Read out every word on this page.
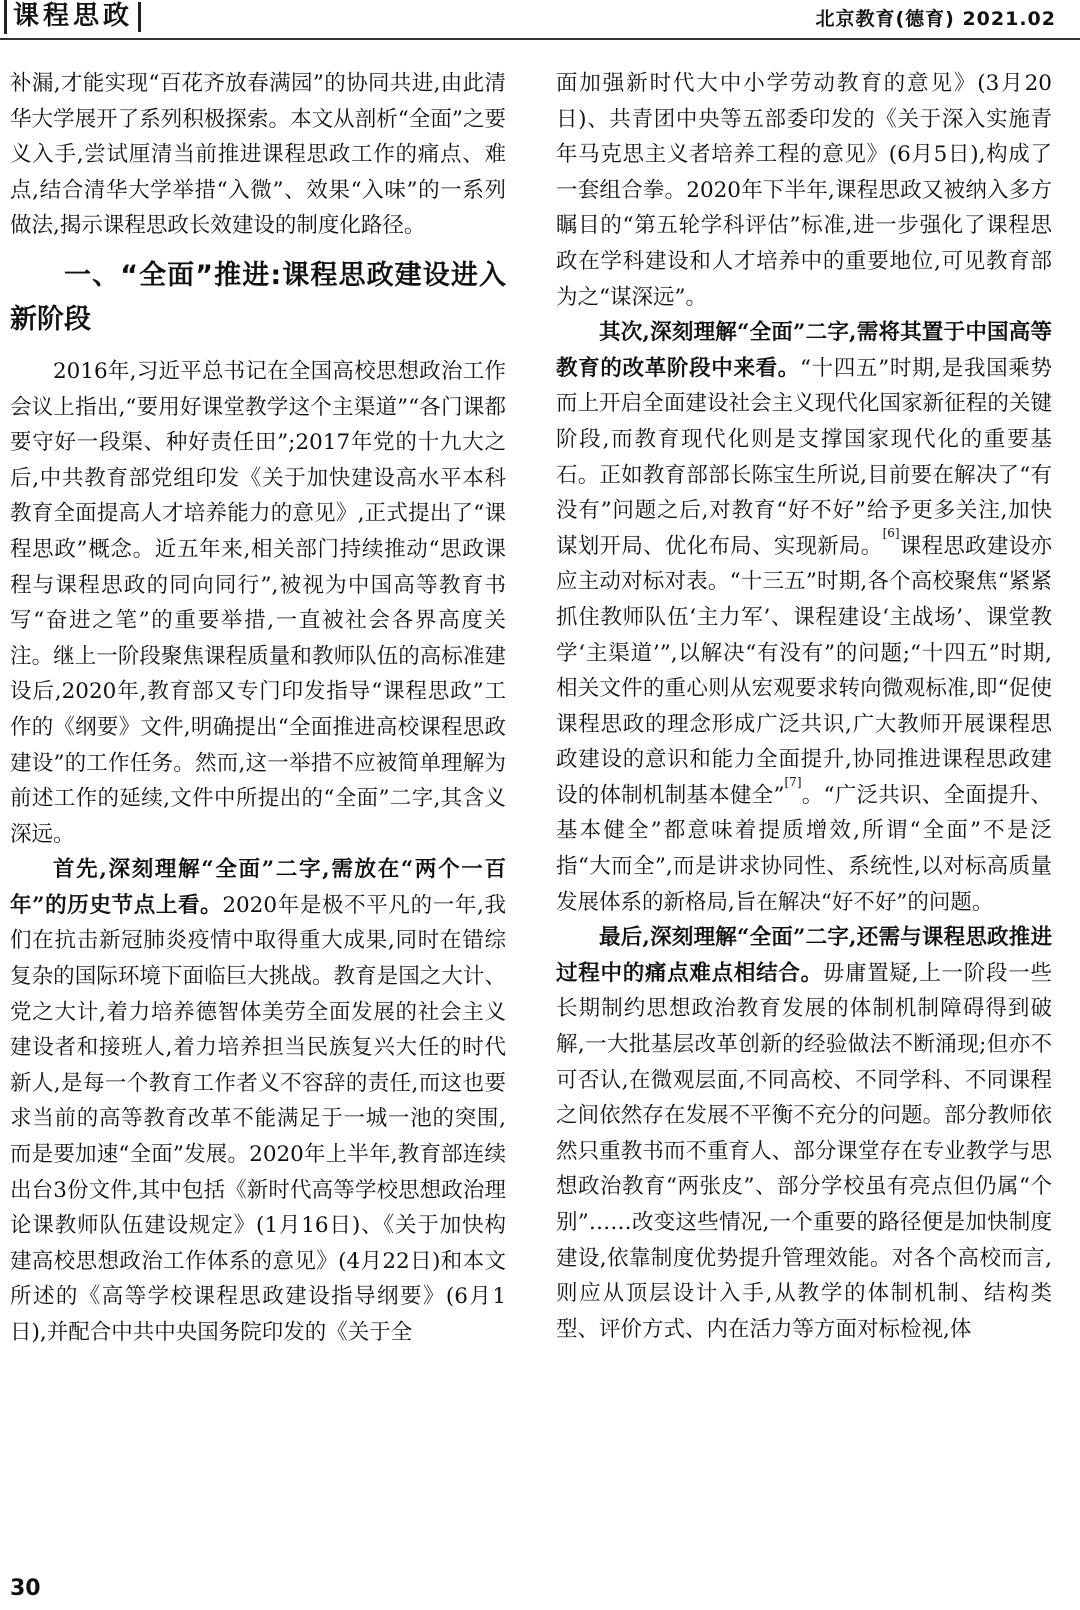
课程思政	北京教育(德育) 2021.02

补漏,才能实现“百花齐放春满园”的协同共进,由此清华大学展开了系列积极探索。本文从剖析“全面”之要义入手,尝试厘清当前推进课程思政工作的痛点、难点,结合清华大学举措“入微”、效果“入味”的一系列做法,揭示课程思政长效建设的制度化路径。

一、“全面”推进:课程思政建设进入新阶段

2016年,习近平总书记在全国高校思想政治工作会议上指出,“要用好课堂教学这个主渠道”“各门课都要守好一段渠、种好责任田”;2017年党的十九大之后,中共教育部党组印发《关于加快建设高水平本科教育全面提高人才培养能力的意见》,正式提出了“课程思政”概念。近五年来,相关部门持续推动“思政课程与课程思政的同向同行”,被视为中国高等教育书写“奋进之笔”的重要举措,一直被社会各界高度关注。继上一阶段聚焦课程质量和教师队伍的高标准建设后,2020年,教育部又专门印发指导“课程思政”工作的《纲要》文件,明确提出“全面推进高校课程思政建设”的工作任务。然而,这一举措不应被简单理解为前述工作的延续,文件中所提出的“全面”二字,其含义深远。

首先,深刻理解“全面”二字,需放在“两个一百年”的历史节点上看。2020年是极不平凡的一年,我们在抗击新冠肺炎疫情中取得重大成果,同时在错综复杂的国际环境下面临巨大挑战。教育是国之大计、党之大计,着力培养德智体美劳全面发展的社会主义建设者和接班人,着力培养担当民族复兴大任的时代新人,是每一个教育工作者义不容辞的责任,而这也要求当前的高等教育改革不能满足于一城一池的突围,而是要加速“全面”发展。2020年上半年,教育部连续出台3份文件,其中包括《新时代高等学校思想政治理论课教师队伍建设规定》(1月16日)、《关于加快构建高校思想政治工作体系的意见》(4月22日)和本文所述的《高等学校课程思政建设指导纲要》(6月1日),并配合中共中央国务院印发的《关于全

面加强新时代大中小学劳动教育的意见》(3月20日)、共青团中央等五部委印发的《关于深入实施青年马克思主义者培养工程的意见》(6月5日),构成了一套组合拳。2020年下半年,课程思政又被纳入多方瞩目的“第五轮学科评估”标准,进一步强化了课程思政在学科建设和人才培养中的重要地位,可见教育部为之“谋深远”。

其次,深刻理解“全面”二字,需将其置于中国高等教育的改革阶段中来看。“十四五”时期,是我国乘势而上开启全面建设社会主义现代化国家新征程的关键阶段,而教育现代化则是支撑国家现代化的重要基石。正如教育部部长陈宝生所说,目前要在解决了“有没有”问题之后,对教育“好不好”给予更多关注,加快谋划开局、优化布局、实现新局。[6]课程思政建设亦应主动对标对表。“十三五”时期,各个高校聚焦“紧紧抓住教师队伍‘主力军’、课程建设‘主战场’、课堂教学‘主渠道’”,以解决“有没有”的问题;“十四五”时期,相关文件的重心则从宏观要求转向微观标准,即“促使课程思政的理念形成广泛共识,广大教师开展课程思政建设的意识和能力全面提升,协同推进课程思政建设的体制机制基本健全”[7]。“广泛共识、全面提升、基本健全”都意味着提质增效,所谓“全面”不是泛指“大而全”,而是讲求协同性、系统性,以对标高质量发展体系的新格局,旨在解决“好不好”的问题。

最后,深刻理解“全面”二字,还需与课程思政推进过程中的痛点难点相结合。毋庸置疑,上一阶段一些长期制约思想政治教育发展的体制机制障碍得到破解,一大批基层改革创新的经验做法不断涌现;但亦不可否认,在微观层面,不同高校、不同学科、不同课程之间依然存在发展不平衡不充分的问题。部分教师依然只重教书而不重育人、部分课堂存在专业教学与思想政治教育“两张皮”、部分学校虽有亮点但仍属“个别”……改变这些情况,一个重要的路径便是加快制度建设,依靠制度优势提升管理效能。对各个高校而言,则应从顶层设计入手,从教学的体制机制、结构类型、评价方式、内在活力等方面对标检视,体

30
